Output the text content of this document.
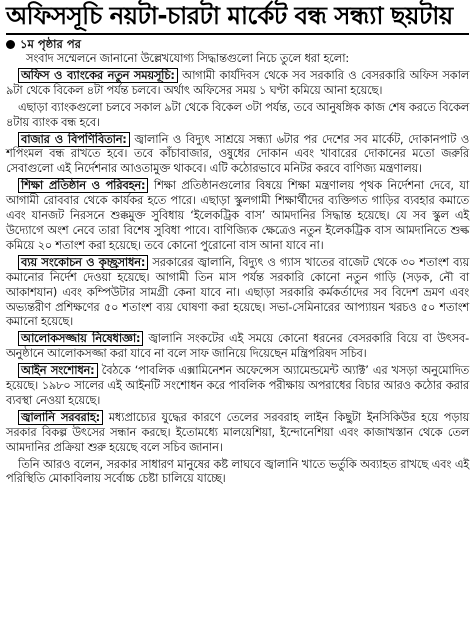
অফিসসূচি নয়টা-চারটা মার্কেট বন্ধ সন্ধ্যা ছয়টায়
১ম পৃষ্ঠার পর

সংবাদ সম্মেলনে জানানো উল্লেখযোগ্য সিদ্ধান্তগুলো নিচে তুলে ধরা হলো:

অফিস ও ব্যাংকের নতুন সময়সূচি: আগামী কার্যদিবস থেকে সব সরকারি ও বেসরকারি অফিস সকাল ৯টা থেকে বিকেল ৪টা পর্যন্ত চলবে। অর্থাৎ অফিসের সময় ১ ঘণ্টা কমিয়ে আনা হয়েছে।

এছাড়া ব্যাংকগুলো চলবে সকাল ৯টা থেকে বিকেল ৩টা পর্যন্ত, তবে আনুষঙ্গিক কাজ শেষ করতে বিকেল ৪টায় ব্যাংক বন্ধ হবে।

বাজার ও বিপণিবিতান: জ্বালানি ও বিদ্যুৎ সাশ্রয়ে সন্ধ্যা ৬টার পর দেশের সব মার্কেট, দোকানপাট ও শপিংমল বন্ধ রাখতে হবে। তবে কাঁচাবাজার, ওষুধের দোকান এবং খাবারের দোকানের মতো জরুরি সেবাগুলো এই নির্দেশনার আওতামুক্ত থাকবে। এটি কঠোরভাবে মনিটর করবে বাণিজ্য মন্ত্রণালয়।

শিক্ষা প্রতিষ্ঠান ও পরিবহন: শিক্ষা প্রতিষ্ঠানগুলোর বিষয়ে শিক্ষা মন্ত্রণালয় পৃথক নির্দেশনা দেবে, যা আগামী রোববার থেকে কার্যকর হতে পারে। এছাড়া স্কুলগামী শিক্ষার্থীদের ব্যক্তিগত গাড়ির ব্যবহার কমাতে এবং যানজট নিরসনে শুক্কমুক্ত সুবিধায় ‘ইলেকট্রিক বাস’ আমদানির সিদ্ধান্ত হয়েছে। যে সব স্কুল এই উদ্যোগে অংশ নেবে তারা বিশেষ সুবিধা পাবে। বাণিজ্যিক ক্ষেত্রেও নতুন ইলেকট্রিক বাস আমদানিতে শুল্ক কমিয়ে ২০ শতাংশ করা হয়েছে। তবে কোনো পুরোনো বাস আনা যাবে না।

ব্যয় সংকোচন ও কৃচ্ছ্রসাধন: সরকারের জ্বালানি, বিদ্যুৎ ও গ্যাস খাতের বাজেট থেকে ৩০ শতাংশ ব্যয় কমানোর নির্দেশ দেওয়া হয়েছে। আগামী তিন মাস পর্যন্ত সরকারি কোনো নতুন গাড়ি (সড়ক, নৌ বা আকাশযান) এবং কম্পিউটার সামগ্রী কেনা যাবে না। এছাড়া সরকারি কর্মকর্তাদের সব বিদেশ ভ্রমণ এবং অভ্যন্তরীণ প্রশিক্ষণের ৫০ শতাংশ ব্যয় ঘোষণা করা হয়েছে। সভা-সেমিনারের আপ্যায়ন খরচও ৫০ শতাংশ কমানো হয়েছে।

আলোকসজ্জায় নিষেধাজ্ঞা: জ্বালানি সংকটের এই সময়ে কোনো ধরনের বেসরকারি বিয়ে বা উৎসব-অনুষ্ঠানে আলোকসজ্জা করা যাবে না বলে সাফ জানিয়ে দিয়েছেন মন্ত্রিপরিষদ সচিব।

আইন সংশোধন: বৈঠকে ‘পাবলিক এক্সামিনেশন অফেন্সেস অ্যামেন্ডমেন্ট অ্যাক্ট’ এর খসড়া অনুমোদিত হয়েছে। ১৯৮০ সালের এই আইনটি সংশোধন করে পাবলিক পরীক্ষায় অপরাধের বিচার আরও কঠোর করার ব্যবস্থা নেওয়া হয়েছে।

জ্বালানি সরবরাহ: মধ্যপ্রাচ্যের যুদ্ধের কারণে তেলের সরবরাহ লাইন কিছুটা ইনসিকিউর হয়ে পড়ায় সরকার বিকল্প উৎসের সন্ধান করছে। ইতোমধ্যে মালয়েশিয়া, ইন্দোনেশিয়া এবং কাজাখস্তান থেকে তেল আমদানির প্রক্রিয়া শুরু হয়েছে বলে সচিব জানান।

তিনি আরও বলেন, সরকার সাধারণ মানুষের কষ্ট লাঘবে জ্বালানি খাতে ভর্তুকি অব্যাহত রাখছে এবং এই পরিস্থিতি মোকাবিলায় সর্বোচ্চ চেষ্টা চালিয়ে যাচ্ছে।
